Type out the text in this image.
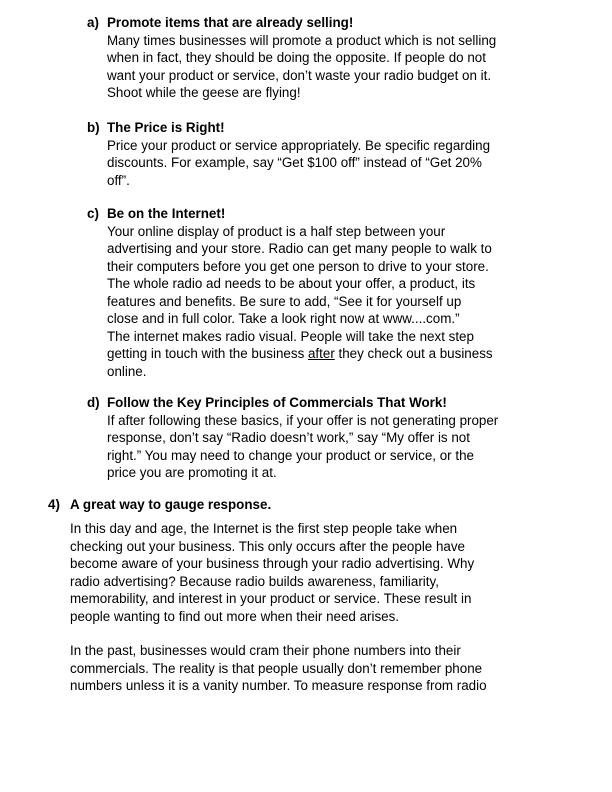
a) Promote items that are already selling!
Many times businesses will promote a product which is not selling
when in fact, they should be doing the opposite. If people do not
want your product or service, don’t waste your radio budget on it.
Shoot while the geese are flying!
b) The Price is Right!
Price your product or service appropriately. Be specific regarding
discounts. For example, say “Get $100 off” instead of “Get 20%
off”.
c) Be on the Internet!
Your online display of product is a half step between your
advertising and your store. Radio can get many people to walk to
their computers before you get one person to drive to your store.
The whole radio ad needs to be about your offer, a product, its
features and benefits. Be sure to add, “See it for yourself up
close and in full color. Take a look right now at www....com.”
The internet makes radio visual. People will take the next step
getting in touch with the business after they check out a business
online.
d) Follow the Key Principles of Commercials That Work!
If after following these basics, if your offer is not generating proper
response, don’t say “Radio doesn’t work,” say “My offer is not
right.” You may need to change your product or service, or the
price you are promoting it at.
4) A great way to gauge response.
In this day and age, the Internet is the first step people take when
checking out your business. This only occurs after the people have
become aware of your business through your radio advertising. Why
radio advertising? Because radio builds awareness, familiarity,
memorability, and interest in your product or service. These result in
people wanting to find out more when their need arises.
In the past, businesses would cram their phone numbers into their
commercials. The reality is that people usually don’t remember phone
numbers unless it is a vanity number. To measure response from radio
